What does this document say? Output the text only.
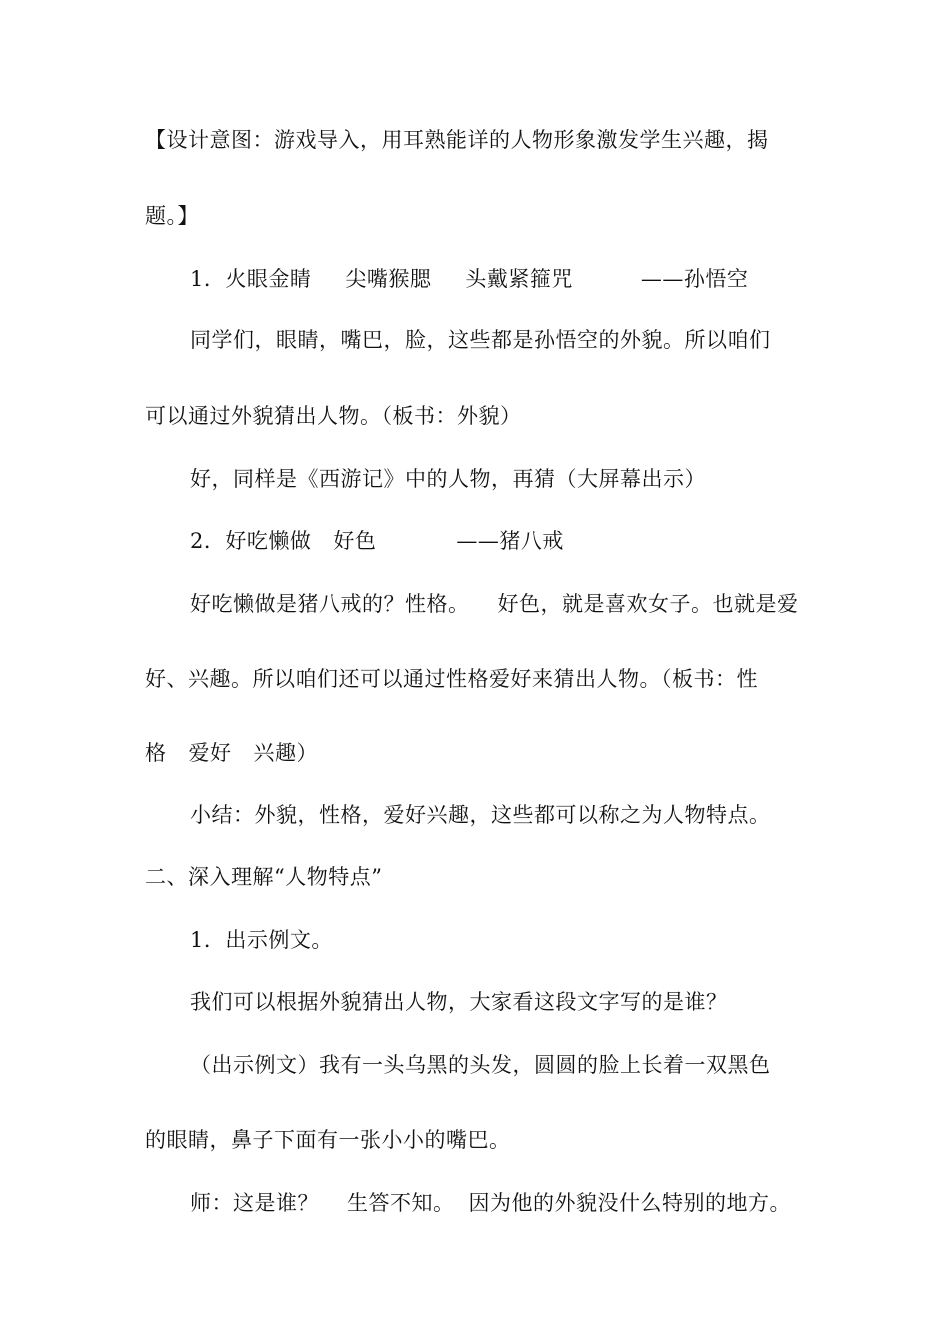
【设计意图：游戏导入，用耳熟能详的人物形象激发学生兴趣，揭
题。】
1．火眼金睛 尖嘴猴腮 头戴紧箍咒	——孙悟空
同学们，眼睛，嘴巴，脸，这些都是孙悟空的外貌。所以咱们
可以通过外貌猜出人物。（板书：外貌）
好，同样是《西游记》中的人物，再猜（大屏幕出示）
2．好吃懒做 好色	——猪八戒
好吃懒做是猪八戒的？性格。 好色，就是喜欢女子。也就是爱
好、兴趣。所以咱们还可以通过性格爱好来猜出人物。（板书：性
格 爱好 兴趣）
小结：外貌，性格，爱好兴趣，这些都可以称之为人物特点。
二、深入理解“人物特点”
1．出示例文。
我们可以根据外貌猜出人物，大家看这段文字写的是谁？
（出示例文）我有一头乌黑的头发，圆圆的脸上长着一双黑色
的眼睛，鼻子下面有一张小小的嘴巴。
师：这是谁？ 生答不知。 因为他的外貌没什么特别的地方。
